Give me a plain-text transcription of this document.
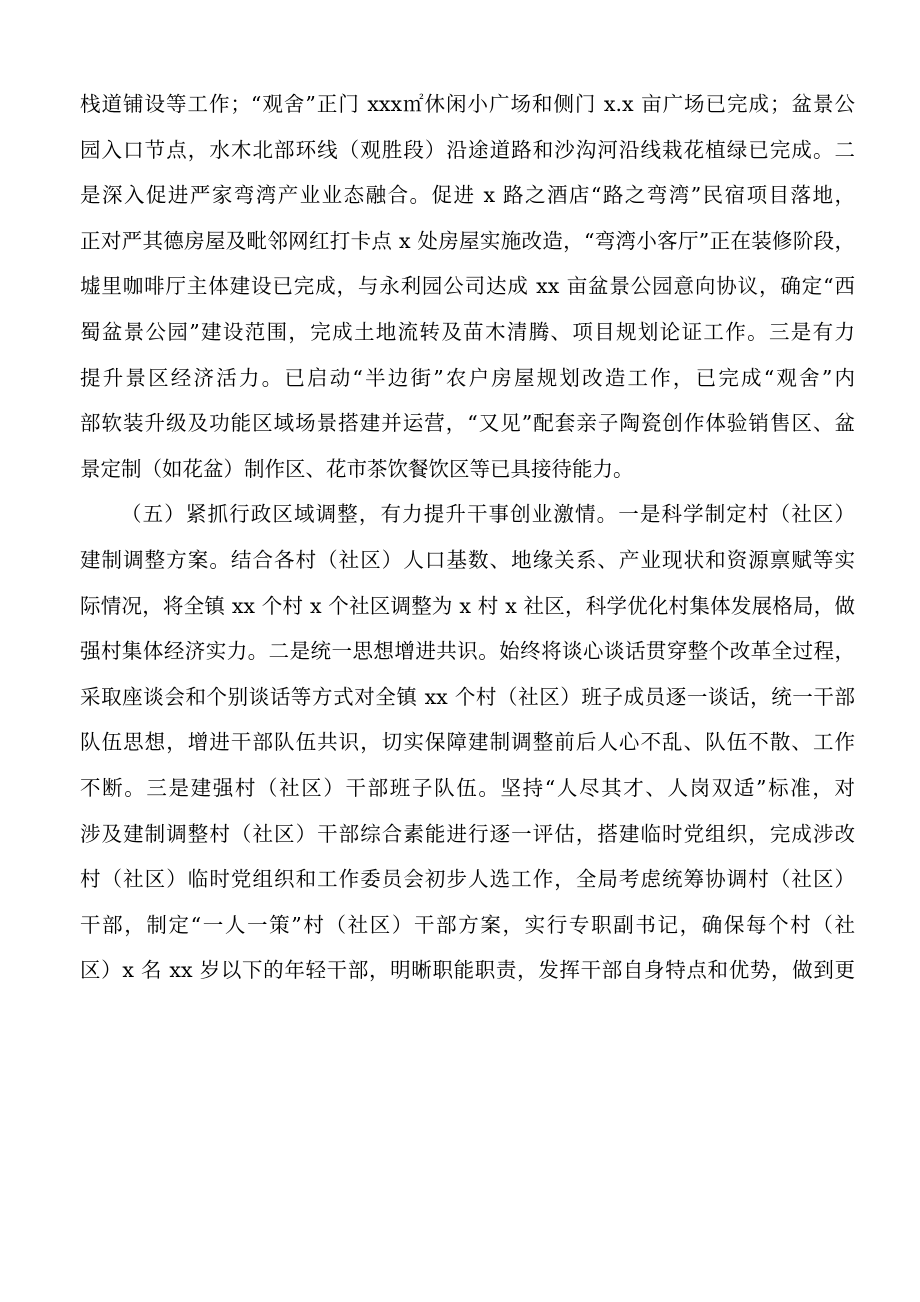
栈道铺设等工作；“观舍”正门 xxx㎡休闲小广场和侧门 x.x 亩广场已完成；盆景公
园入口节点，水木北部环线（观胜段）沿途道路和沙沟河沿线栽花植绿已完成。二
是深入促进严家弯湾产业业态融合。促进 x 路之酒店“路之弯湾”民宿项目落地，
正对严其德房屋及毗邻网红打卡点 x 处房屋实施改造，“弯湾小客厅”正在装修阶段，
墟里咖啡厅主体建设已完成，与永利园公司达成 xx 亩盆景公园意向协议，确定“西
蜀盆景公园”建设范围，完成土地流转及苗木清腾、项目规划论证工作。三是有力
提升景区经济活力。已启动“半边街”农户房屋规划改造工作，已完成“观舍”内
部软装升级及功能区域场景搭建并运营，“又见”配套亲子陶瓷创作体验销售区、盆
景定制（如花盆）制作区、花市茶饮餐饮区等已具接待能力。
（五）紧抓行政区域调整，有力提升干事创业激情。一是科学制定村（社区）
建制调整方案。结合各村（社区）人口基数、地缘关系、产业现状和资源禀赋等实
际情况，将全镇 xx 个村 x 个社区调整为 x 村 x 社区，科学优化村集体发展格局，做
强村集体经济实力。二是统一思想增进共识。始终将谈心谈话贯穿整个改革全过程，
采取座谈会和个别谈话等方式对全镇 xx 个村（社区）班子成员逐一谈话，统一干部
队伍思想，增进干部队伍共识，切实保障建制调整前后人心不乱、队伍不散、工作
不断。三是建强村（社区）干部班子队伍。坚持“人尽其才、人岗双适”标准，对
涉及建制调整村（社区）干部综合素能进行逐一评估，搭建临时党组织，完成涉改
村（社区）临时党组织和工作委员会初步人选工作，全局考虑统筹协调村（社区）
干部，制定“一人一策”村（社区）干部方案，实行专职副书记，确保每个村（社
区）x 名 xx 岁以下的年轻干部，明晰职能职责，发挥干部自身特点和优势，做到更
